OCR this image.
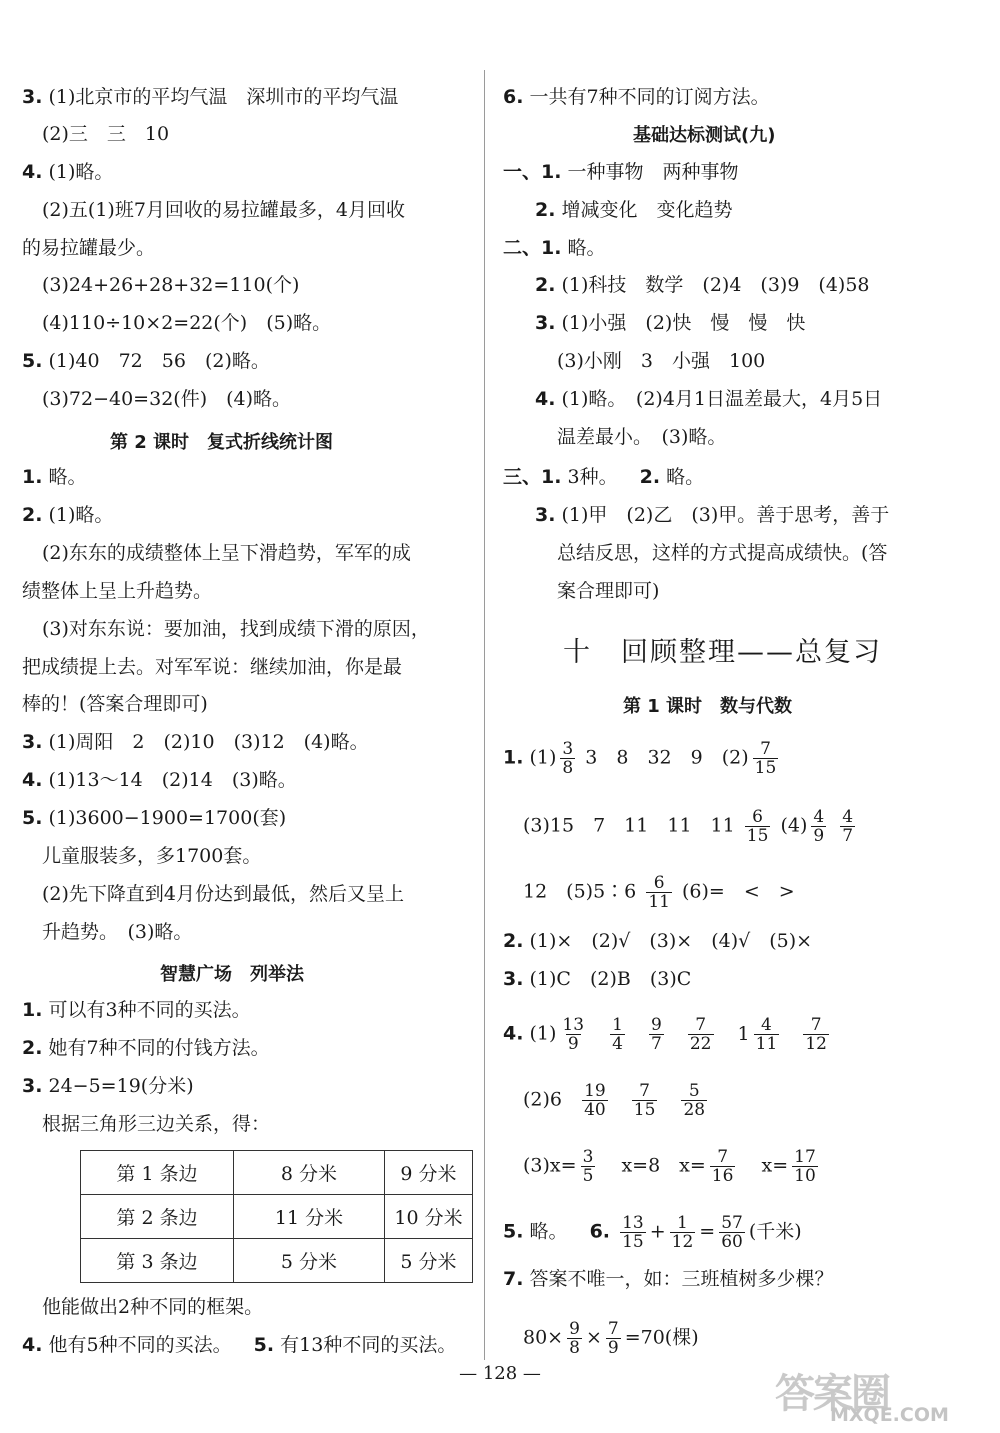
3. (1)北京市的平均气温　深圳市的平均气温
(2)三　三　10
4. (1)略。
(2)五(1)班7月回收的易拉罐最多，4月回收
的易拉罐最少。
(3)24+26+28+32=110(个)
(4)110÷10×2=22(个)　(5)略。
5. (1)40　72　56　(2)略。
(3)72−40=32(件)　(4)略。
第 2 课时　复式折线统计图
1. 略。
2. (1)略。
(2)东东的成绩整体上呈下滑趋势，军军的成
绩整体上呈上升趋势。
(3)对东东说：要加油，找到成绩下滑的原因，
把成绩提上去。对军军说：继续加油，你是最
棒的！(答案合理即可)
3. (1)周阳　2　(2)10　(3)12　(4)略。
4. (1)13～14　(2)14　(3)略。
5. (1)3600−1900=1700(套)
儿童服装多，多1700套。
(2)先下降直到4月份达到最低，然后又呈上
升趋势。　(3)略。
智慧广场　列举法
1. 可以有3种不同的买法。
2. 她有7种不同的付钱方法。
3. 24−5=19(分米)
根据三角形三边关系，得：
第 1 条边	8 分米	9 分米
第 2 条边	11 分米	10 分米
第 3 条边	5 分米	5 分米
他能做出2种不同的框架。
4. 他有5种不同的买法。 5. 有13种不同的买法。
6. 一共有7种不同的订阅方法。
基础达标测试(九)
一、1. 一种事物　两种事物
2. 增减变化　变化趋势
二、1. 略。
2. (1)科技　数学　(2)4　(3)9　(4)58
3. (1)小强　(2)快　慢　慢　快
(3)小刚　3　小强　100
4. (1)略。　(2)4月1日温差最大，4月5日
温差最小。　(3)略。
三、1. 3种。 2. 略。
3. (1)甲　(2)乙　(3)甲。善于思考，善于
总结反思，这样的方式提高成绩快。(答
案合理即可)
十　回顾整理——总复习
第 1 课时　数与代数
1. $(1) \frac{3}{8} 3$　8　32　9　$(2) \frac{7}{15}$
(3)15　7　11　11　$11 \frac{6}{15} (4) \frac{4}{9}$
$\frac{4}{7}$
12　(5)5∶6 $\frac{6}{11} (6)=$　<　>
2. (1)×　(2)√　(3)×　(4)√　(5)×
3. (1)C　(2)B　(3)C
4. $(1) \frac{13}{9}$
$\frac{1}{4}$
$\frac{9}{7}$
$\frac{7}{22} 1 \frac{4}{11}$
$\frac{7}{12}$
$(2)6 \frac{19}{40}$
$\frac{7}{15}$
$\frac{5}{28}$
$(3)x= \frac{3}{5} x=8$　$x= \frac{7}{16} x= \frac{17}{10}$
5. 略。 6. $\frac{13}{15} + \frac{1}{12} = \frac{57}{60}$ (千米)
7. 答案不唯一，如：三班植树多少棵？
$80\times \frac{9}{8} \times \frac{7}{9} =70$(棵)
— 128 —	答案圈
MXQE.COM
